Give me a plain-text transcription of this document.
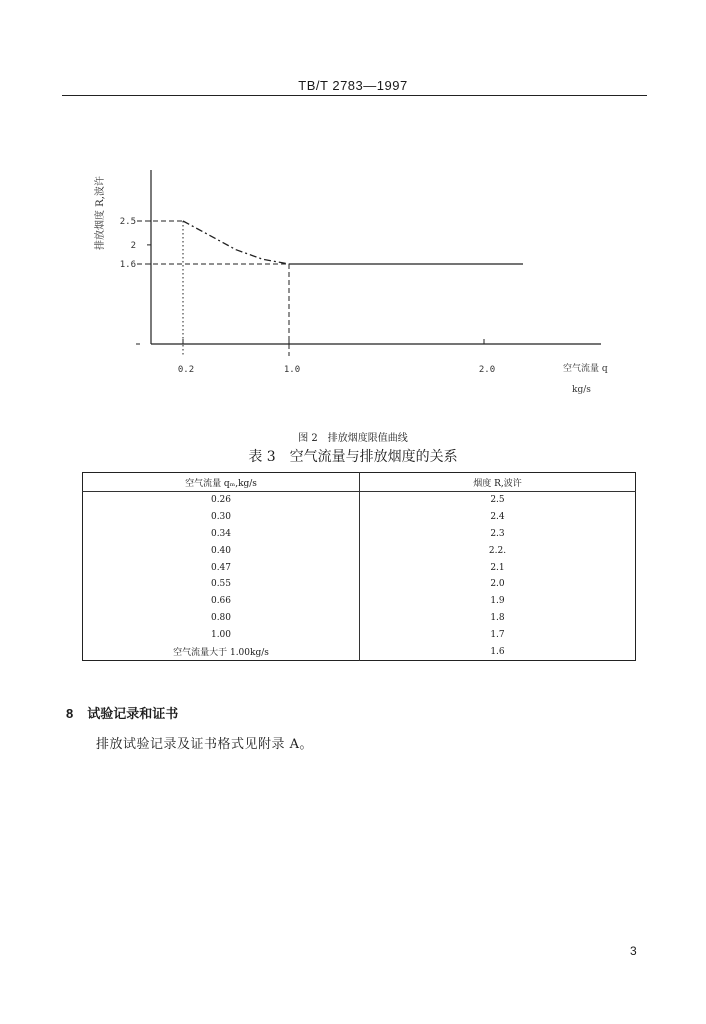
TB/T 2783—1997
2.5
2
1.6
0.2	1.0	2.0
排放烟度 R,波许
空气流量 q
kg/s
图 2　排放烟度限值曲线
表 3　空气流量与排放烟度的关系
空气流量 qₘ,kg/s	烟度 R,波许
0.26	2.5
0.30	2.4
0.34	2.3
0.40	2.2.
0.47	2.1
0.55	2.0
0.66	1.9
0.80	1.8
1.00	1.7
空气流量大于 1.00kg/s	1.6
8 试验记录和证书
排放试验记录及证书格式见附录 A。
3
